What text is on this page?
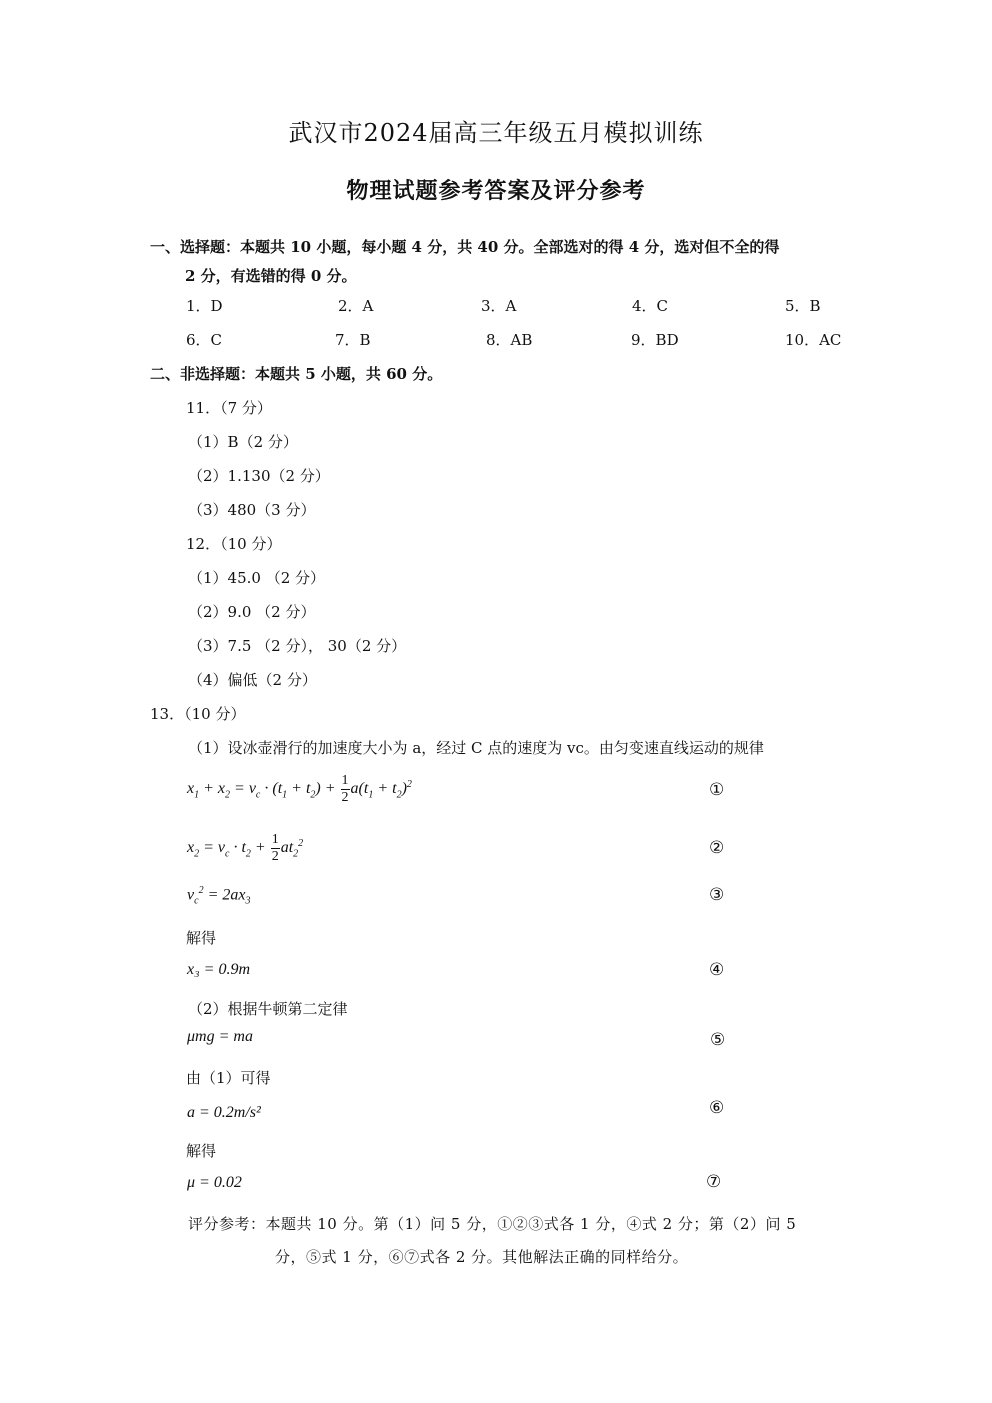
武汉市2024届高三年级五月模拟训练
物理试题参考答案及评分参考
一、选择题：本题共 10 小题，每小题 4 分，共 40 分。全部选对的得 4 分，选对但不全的得
2 分，有选错的得 0 分。
1．D	2．A	3．A	4．C	5．B
6．C	7．B	8．AB	9．BD	10．AC
二、非选择题：本题共 5 小题，共 60 分。
11．（7 分）
（1）B（2 分）
（2）1.130（2 分）
（3）480（3 分）
12．（10 分）
（1）45.0 （2 分）
（2）9.0 （2 分）
（3）7.5 （2 分）， 30（2 分）
（4）偏低（2 分）
13．（10 分）
（1）设冰壶滑行的加速度大小为 a，经过 C 点的速度为 vc。由匀变速直线运动的规律
$x_1 + x_2 = v_c \cdot (t_1 + t_2) + \frac{1}{2} a(t_1 + t_2)^2$	①
$x_2 = v_c \cdot t_2 + \frac{1}{2} at_2^2$	②
$v_c^2 = 2ax_3$	③
解得
x₃ = 0.9m	④
（2）根据牛顿第二定律
μmg = ma	⑤
由（1）可得
a = 0.2m/s²	⑥
解得
μ = 0.02	⑦
评分参考：本题共 10 分。第（1）问 5 分，①②③式各 1 分，④式 2 分；第（2）问 5
分，⑤式 1 分，⑥⑦式各 2 分。其他解法正确的同样给分。
